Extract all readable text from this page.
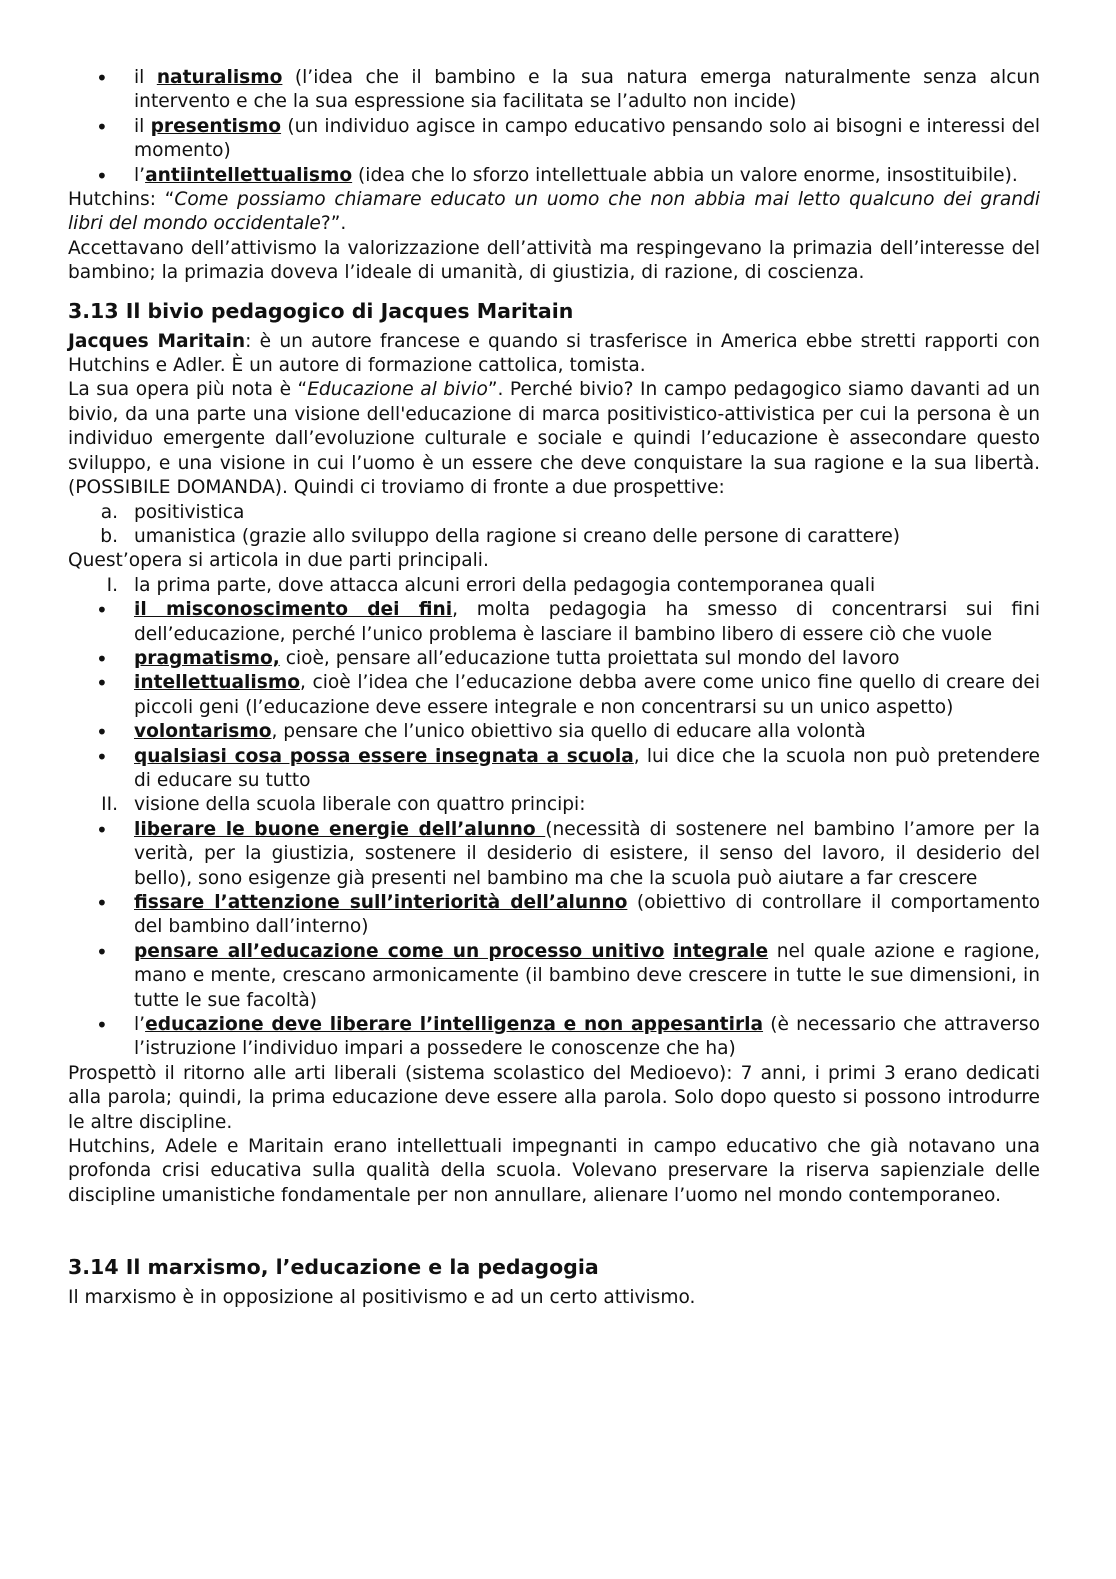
• il naturalismo (l’idea che il bambino e la sua natura emerga naturalmente senza alcun intervento e che la sua espressione sia facilitata se l’adulto non incide)
• il presentismo (un individuo agisce in campo educativo pensando solo ai bisogni e interessi del momento)
• l’antiintellettualismo (idea che lo sforzo intellettuale abbia un valore enorme, insostituibile).
Hutchins: “Come possiamo chiamare educato un uomo che non abbia mai letto qualcuno dei grandi libri del mondo occidentale?”.
Accettavano dell’attivismo la valorizzazione dell’attività ma respingevano la primazia dell’interesse del bambino; la primazia doveva l’ideale di umanità, di giustizia, di razione, di coscienza.
3.13 Il bivio pedagogico di Jacques Maritain
Jacques Maritain: è un autore francese e quando si trasferisce in America ebbe stretti rapporti con Hutchins e Adler. È un autore di formazione cattolica, tomista.
La sua opera più nota è “Educazione al bivio”. Perché bivio? In campo pedagogico siamo davanti ad un bivio, da una parte una visione dell'educazione di marca positivistico-attivistica per cui la persona è un individuo emergente dall’evoluzione culturale e sociale e quindi l’educazione è assecondare questo sviluppo, e una visione in cui l’uomo è un essere che deve conquistare la sua ragione e la sua libertà. (POSSIBILE DOMANDA). Quindi ci troviamo di fronte a due prospettive:
a. positivistica
b. umanistica (grazie allo sviluppo della ragione si creano delle persone di carattere)
Quest’opera si articola in due parti principali.
I. la prima parte, dove attacca alcuni errori della pedagogia contemporanea quali
• il misconoscimento dei fini, molta pedagogia ha smesso di concentrarsi sui fini dell’educazione, perché l’unico problema è lasciare il bambino libero di essere ciò che vuole
• pragmatismo, cioè, pensare all’educazione tutta proiettata sul mondo del lavoro
• intellettualismo, cioè l’idea che l’educazione debba avere come unico fine quello di creare dei piccoli geni (l’educazione deve essere integrale e non concentrarsi su un unico aspetto)
• volontarismo, pensare che l’unico obiettivo sia quello di educare alla volontà
• qualsiasi cosa possa essere insegnata a scuola, lui dice che la scuola non può pretendere di educare su tutto
II. visione della scuola liberale con quattro principi:
• liberare le buone energie dell’alunno (necessità di sostenere nel bambino l’amore per la verità, per la giustizia, sostenere il desiderio di esistere, il senso del lavoro, il desiderio del bello), sono esigenze già presenti nel bambino ma che la scuola può aiutare a far crescere
• fissare l’attenzione sull’interiorità dell’alunno (obiettivo di controllare il comportamento del bambino dall’interno)
• pensare all’educazione come un processo unitivo integrale nel quale azione e ragione, mano e mente, crescano armonicamente (il bambino deve crescere in tutte le sue dimensioni, in tutte le sue facoltà)
• l’educazione deve liberare l’intelligenza e non appesantirla (è necessario che attraverso l’istruzione l’individuo impari a possedere le conoscenze che ha)
Prospettò il ritorno alle arti liberali (sistema scolastico del Medioevo): 7 anni, i primi 3 erano dedicati alla parola; quindi, la prima educazione deve essere alla parola. Solo dopo questo si possono introdurre le altre discipline.
Hutchins, Adele e Maritain erano intellettuali impegnanti in campo educativo che già notavano una profonda crisi educativa sulla qualità della scuola. Volevano preservare la riserva sapienziale delle discipline umanistiche fondamentale per non annullare, alienare l’uomo nel mondo contemporaneo.
3.14 Il marxismo, l’educazione e la pedagogia
Il marxismo è in opposizione al positivismo e ad un certo attivismo.
